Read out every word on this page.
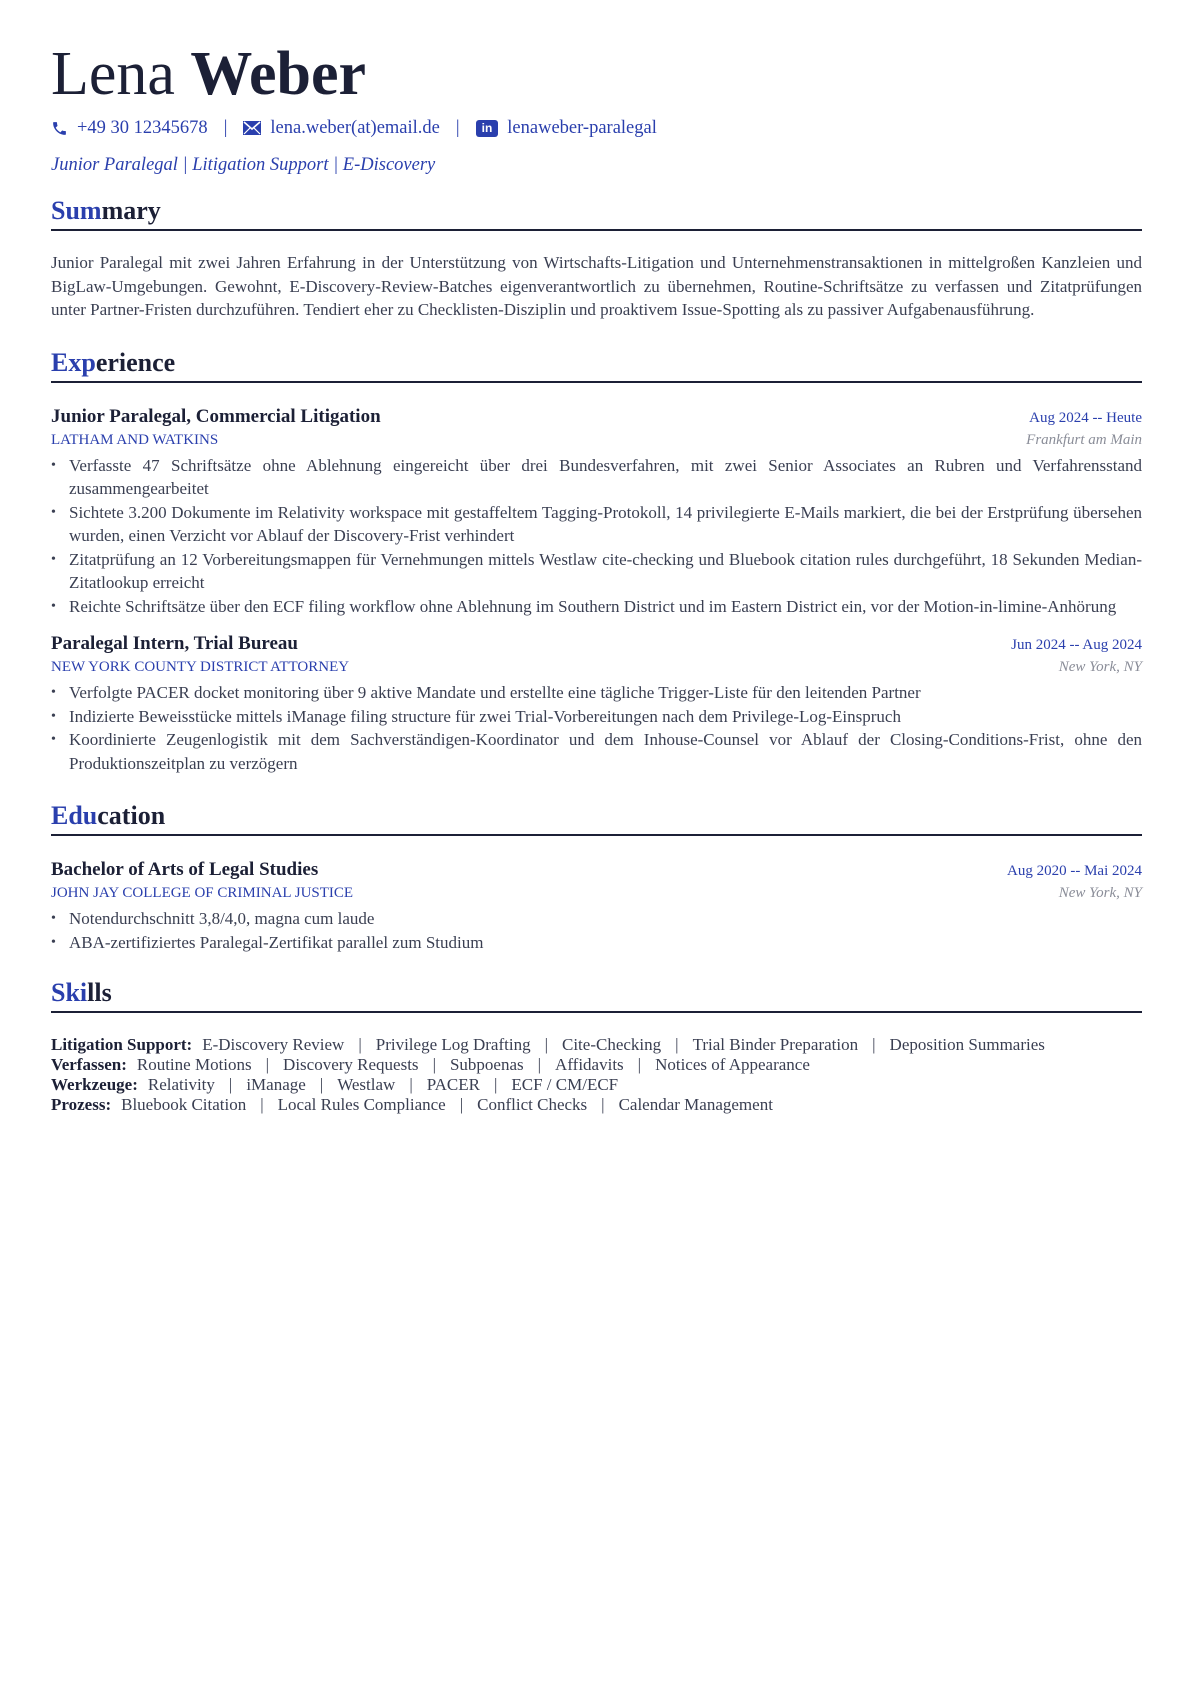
Lena Weber
+49 30 12345678 | lena.weber(at)email.de |	in lenaweber-paralegal
Junior Paralegal | Litigation Support | E-Discovery
Summary
Junior Paralegal mit zwei Jahren Erfahrung in der Unterstützung von Wirtschafts-Litigation und Unternehmenstransaktionen in mittelgroßen Kanzleien und BigLaw-Umgebungen. Gewohnt, E-Discovery-Review-Batches eigenverantwortlich zu übernehmen, Routine-Schriftsätze zu verfassen und Zitatprüfungen unter Partner-Fristen durchzuführen. Tendiert eher zu Checklisten-Disziplin und proaktivem Issue-Spotting als zu passiver Aufgabenausführung.
Experience
Junior Paralegal, Commercial Litigation	Aug 2024 -- Heute
LATHAM AND WATKINS	Frankfurt am Main
• Verfasste 47 Schriftsätze ohne Ablehnung eingereicht über drei Bundesverfahren, mit zwei Senior Associates an Rubren und Verfahrensstand zusammengearbeitet
• Sichtete 3.200 Dokumente im Relativity workspace mit gestaffeltem Tagging-Protokoll, 14 privilegierte E-Mails markiert, die bei der Erstprüfung übersehen wurden, einen Verzicht vor Ablauf der Discovery-Frist verhindert
• Zitatprüfung an 12 Vorbereitungsmappen für Vernehmungen mittels Westlaw cite-checking und Bluebook citation rules durchgeführt, 18 Sekunden Median-Zitatlookup erreicht
• Reichte Schriftsätze über den ECF filing workflow ohne Ablehnung im Southern District und im Eastern District ein, vor der Motion-in-limine-Anhörung
Paralegal Intern, Trial Bureau	Jun 2024 -- Aug 2024
NEW YORK COUNTY DISTRICT ATTORNEY	New York, NY
• Verfolgte PACER docket monitoring über 9 aktive Mandate und erstellte eine tägliche Trigger-Liste für den leitenden Partner
• Indizierte Beweisstücke mittels iManage filing structure für zwei Trial-Vorbereitungen nach dem Privilege-Log-Einspruch
• Koordinierte Zeugenlogistik mit dem Sachverständigen-Koordinator und dem Inhouse-Counsel vor Ablauf der Closing-Conditions-Frist, ohne den Produktionszeitplan zu verzögern
Education
Bachelor of Arts of Legal Studies	Aug 2020 -- Mai 2024
JOHN JAY COLLEGE OF CRIMINAL JUSTICE	New York, NY
• Notendurchschnitt 3,8/4,0, magna cum laude
• ABA-zertifiziertes Paralegal-Zertifikat parallel zum Studium
Skills
Litigation Support: E-Discovery Review | Privilege Log Drafting | Cite-Checking | Trial Binder Preparation | Deposition Summaries
Verfassen: Routine Motions | Discovery Requests | Subpoenas | Affidavits | Notices of Appearance
Werkzeuge: Relativity | iManage | Westlaw | PACER | ECF / CM/ECF
Prozess: Bluebook Citation | Local Rules Compliance | Conflict Checks | Calendar Management
